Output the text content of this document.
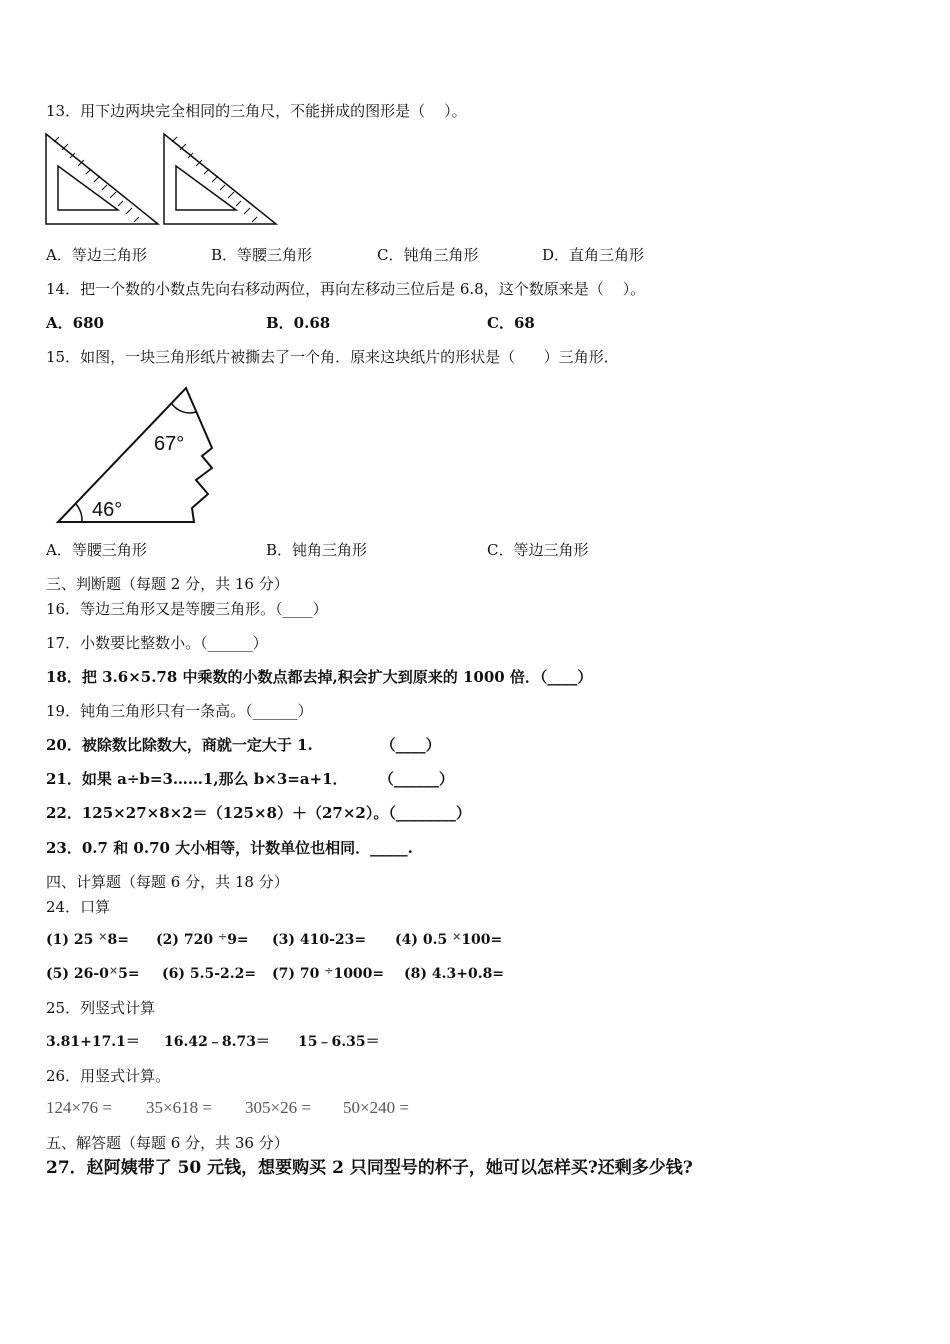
13．用下边两块完全相同的三角尺，不能拼成的图形是（    ）。
A．等边三角形	B．等腰三角形	C．钝角三角形	D．直角三角形
14．把一个数的小数点先向右移动两位，再向左移动三位后是 6.8，这个数原来是（    ）。
A．680	B．0.68	C．68
15．如图，一块三角形纸片被撕去了一个角．原来这块纸片的形状是（      ）三角形．
67°
46°
A．等腰三角形	B．钝角三角形	C．等边三角形
三、判断题（每题 2 分，共 16 分）
16．等边三角形又是等腰三角形。（____）
17．小数要比整数小。（______）
18．把 3.6×5.78 中乘数的小数点都去掉,积会扩大到原来的 1000 倍．（____）
19．钝角三角形只有一条高。（______）
20．被除数比除数大，商就一定大于 1.             （____）
21．如果 a÷b=3……1,那么 b×3=a+1．      （______）
22．125×27×8×2＝（125×8）＋（27×2）。（________）
23．0.7 和 0.70 大小相等，计数单位也相同．_____.
四、计算题（每题 6 分，共 18 分）
24．口算
(1) 25 ×8= (2) 720 ÷9= (3) 410-23= (4) 0.5 ×100=
(5) 26-0×5= (6) 5.5-2.2= (7) 70 ÷1000= (8) 4.3+0.8=
25．列竖式计算
3.81+17.1＝ 16.42﹣8.73＝ 15﹣6.35＝
26．用竖式计算。
124×76 = 35×618 = 305×26 = 50×240 =
五、解答题（每题 6 分，共 36 分）
27．赵阿姨带了 50 元钱，想要购买 2 只同型号的杯子，她可以怎样买?还剩多少钱?
